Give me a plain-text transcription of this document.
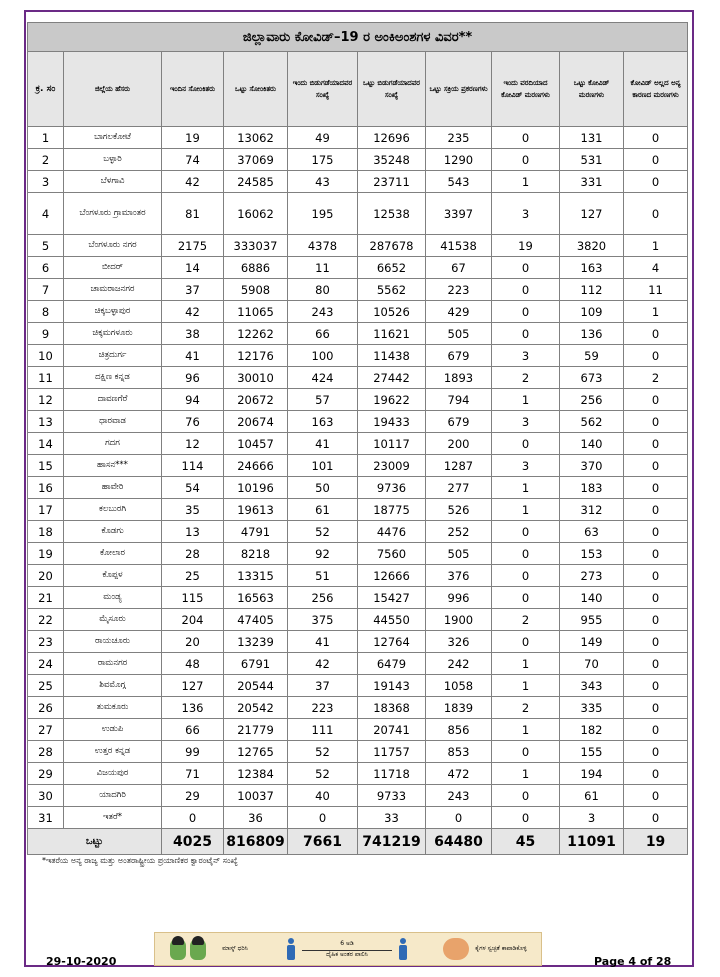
ಜಿಲ್ಲಾವಾರು ಕೋವಿಡ್–19 ರ ಅಂಕಿಅಂಶಗಳ ವಿವರ**									
ಕ್ರ. ಸಂ	ಜಿಲ್ಲೆಯ ಹೆಸರು	ಇಂದಿನ ಸೋಂಕಿತರು	ಒಟ್ಟು ಸೋಂಕಿತರು	ಇಂದು ಬಿಡುಗಡೆಯಾದವರ ಸಂಖ್ಯೆ	ಒಟ್ಟು ಬಿಡುಗಡೆಯಾದವರ ಸಂಖ್ಯೆ	ಒಟ್ಟು ಸಕ್ರಿಯ ಪ್ರಕರಣಗಳು	ಇಂದು ವರದಿಯಾದ ಕೋವಿಡ್ ಮರಣಗಳು	ಒಟ್ಟು ಕೋವಿಡ್ ಮರಣಗಳು	ಕೋವಿಡ್ ಅಲ್ಲದ ಅನ್ಯ ಕಾರಣದ ಮರಣಗಳು
1	ಬಾಗಲಕೋಟೆ	19	13062	49	12696	235	0	131	0
2	ಬಳ್ಳಾರಿ	74	37069	175	35248	1290	0	531	0
3	ಬೆಳಗಾವಿ	42	24585	43	23711	543	1	331	0
4	ಬೆಂಗಳೂರು ಗ್ರಾಮಾಂತರ	81	16062	195	12538	3397	3	127	0
5	ಬೆಂಗಳೂರು ನಗರ	2175	333037	4378	287678	41538	19	3820	1
6	ಬೀದರ್	14	6886	11	6652	67	0	163	4
7	ಚಾಮರಾಜನಗರ	37	5908	80	5562	223	0	112	11
8	ಚಿಕ್ಕಬಳ್ಳಾಪುರ	42	11065	243	10526	429	0	109	1
9	ಚಿಕ್ಕಮಗಳೂರು	38	12262	66	11621	505	0	136	0
10	ಚಿತ್ರದುರ್ಗ	41	12176	100	11438	679	3	59	0
11	ದಕ್ಷಿಣ ಕನ್ನಡ	96	30010	424	27442	1893	2	673	2
12	ದಾವಣಗೆರೆ	94	20672	57	19622	794	1	256	0
13	ಧಾರವಾಡ	76	20674	163	19433	679	3	562	0
14	ಗದಗ	12	10457	41	10117	200	0	140	0
15	ಹಾಸನ***	114	24666	101	23009	1287	3	370	0
16	ಹಾವೇರಿ	54	10196	50	9736	277	1	183	0
17	ಕಲಬುರಗಿ	35	19613	61	18775	526	1	312	0
18	ಕೊಡಗು	13	4791	52	4476	252	0	63	0
19	ಕೋಲಾರ	28	8218	92	7560	505	0	153	0
20	ಕೊಪ್ಪಳ	25	13315	51	12666	376	0	273	0
21	ಮಂಡ್ಯ	115	16563	256	15427	996	0	140	0
22	ಮೈಸೂರು	204	47405	375	44550	1900	2	955	0
23	ರಾಯಚೂರು	20	13239	41	12764	326	0	149	0
24	ರಾಮನಗರ	48	6791	42	6479	242	1	70	0
25	ಶಿವಮೊಗ್ಗ	127	20544	37	19143	1058	1	343	0
26	ತುಮಕೂರು	136	20542	223	18368	1839	2	335	0
27	ಉಡುಪಿ	66	21779	111	20741	856	1	182	0
28	ಉತ್ತರ ಕನ್ನಡ	99	12765	52	11757	853	0	155	0
29	ವಿಜಯಪುರ	71	12384	52	11718	472	1	194	0
30	ಯಾದಗಿರಿ	29	10037	40	9733	243	0	61	0
31	ಇತರೆ*	0	36	0	33	0	0	3	0
ಒಟ್ಟು		4025	816809	7661	741219	64480	45	11091	19
*ಇತರೆಯ ಅನ್ಯ ರಾಜ್ಯ ಮತ್ತು ಅಂತರಾಷ್ಟ್ರೀಯ ಪ್ರಯಾಣಿಕರ ಕ್ವಾರಂಟೈನ್ ಸಂಖ್ಯೆ
ಮಾಸ್ಕ್ ಧರಿಸಿ
6 ಅಡಿ
ದೈಹಿಕ ಅಂತರ ಪಾಲಿಸಿ
ಕೈಗಳ ಸ್ವಚ್ಛತೆ ಕಾಪಾಡಿಕೊಳ್ಳಿ
29-10-2020	Page 4 of 28
